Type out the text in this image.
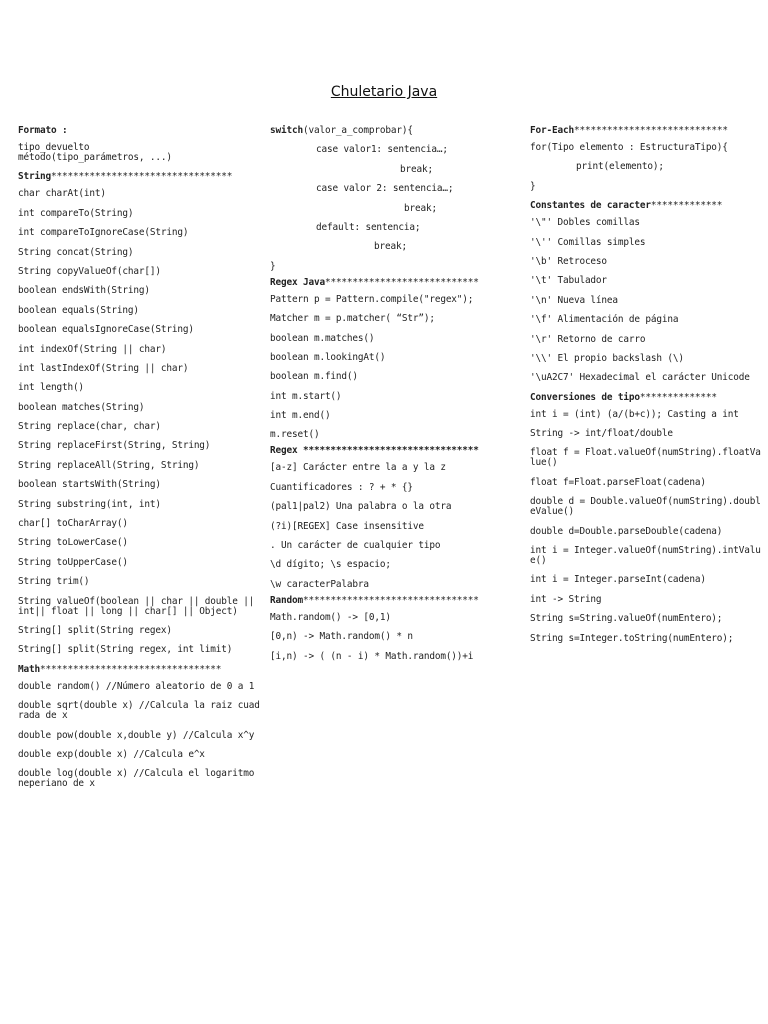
Chuletario Java
Formato :
tipo_devuelto
método(tipo_parámetros, ...)
String*********************************
char charAt(int)
int compareTo(String)
int compareToIgnoreCase(String)
String concat(String)
String copyValueOf(char[])
boolean endsWith(String)
boolean equals(String)
boolean equalsIgnoreCase(String)
int indexOf(String || char)
int lastIndexOf(String || char)
int length()
boolean matches(String)
String replace(char, char)
String replaceFirst(String, String)
String replaceAll(String, String)
boolean startsWith(String)
String substring(int, int)
char[] toCharArray()
String toLowerCase()
String toUpperCase()
String trim()
String valueOf(boolean || char || double || int|| float || long || char[] || Object)
String[] split(String regex)
String[] split(String regex, int limit)
Math*********************************
double random() //Número aleatorio de 0 a 1
double sqrt(double x) //Calcula la raiz cuadrada de x
double pow(double x,double y) //Calcula x^y
double exp(double x) //Calcula e^x
double log(double x) //Calcula el logaritmo neperiano de x
switch(valor_a_comprobar){
case valor1: sentencia…;
break;
case valor 2: sentencia…;
break;
default: sentencia;
break;
}
Regex Java****************************
Pattern p = Pattern.compile("regex");
Matcher m = p.matcher( “Str”);
boolean m.matches()
boolean m.lookingAt()
boolean m.find()
int m.start()
int m.end()
m.reset()
Regex ********************************
[a-z] Carácter entre la a y la z
Cuantificadores : ? + * {}
(pal1|pal2) Una palabra o la otra
(?i)[REGEX] Case insensitive
. Un carácter de cualquier tipo
\d dígito; \s espacio;
\w caracterPalabra
Random********************************
Math.random() -> [0,1)
[0,n) -> Math.random() * n
[i,n) -> ( (n - i) * Math.random())+i
For-Each****************************
for(Tipo elemento : EstructuraTipo){
print(elemento);
}
Constantes de caracter*************
'\"' Dobles comillas
'\'' Comillas simples
'\b' Retroceso
'\t' Tabulador
'\n' Nueva línea
'\f' Alimentación de página
'\r' Retorno de carro
'\\' El propio backslash (\)
'\uA2C7' Hexadecimal el carácter Unicode
Conversiones de tipo**************
int i = (int) (a/(b+c)); Casting a int
String -> int/float/double
float f = Float.valueOf(numString).floatValue()
float f=Float.parseFloat(cadena)
double d = Double.valueOf(numString).doubleValue()
double d=Double.parseDouble(cadena)
int i = Integer.valueOf(numString).intValue()
int i = Integer.parseInt(cadena)
int -> String
String s=String.valueOf(numEntero);
String s=Integer.toString(numEntero);
